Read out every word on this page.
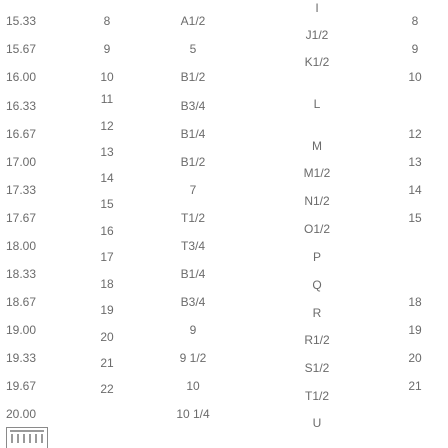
15.33
15.67
16.00
16.33
16.67
17.00
17.33
17.67
18.00
18.33
18.67
19.00
19.33
19.67
20.00
8
9
10
11
12
13
14
15
16
17
18
19
20
21
22
A1/2
5
B1/2
B3/4
B1/4
B1/2
7
T1/2
T3/4
B1/4
B3/4
9
9 1/2
10
10 1/4
I
J1/2
K1/2
L
M
M1/2
N1/2
O1/2
P
Q
R
R1/2
S1/2
T1/2
U
8
9
10
12
13
14
15
18
19
20
21
